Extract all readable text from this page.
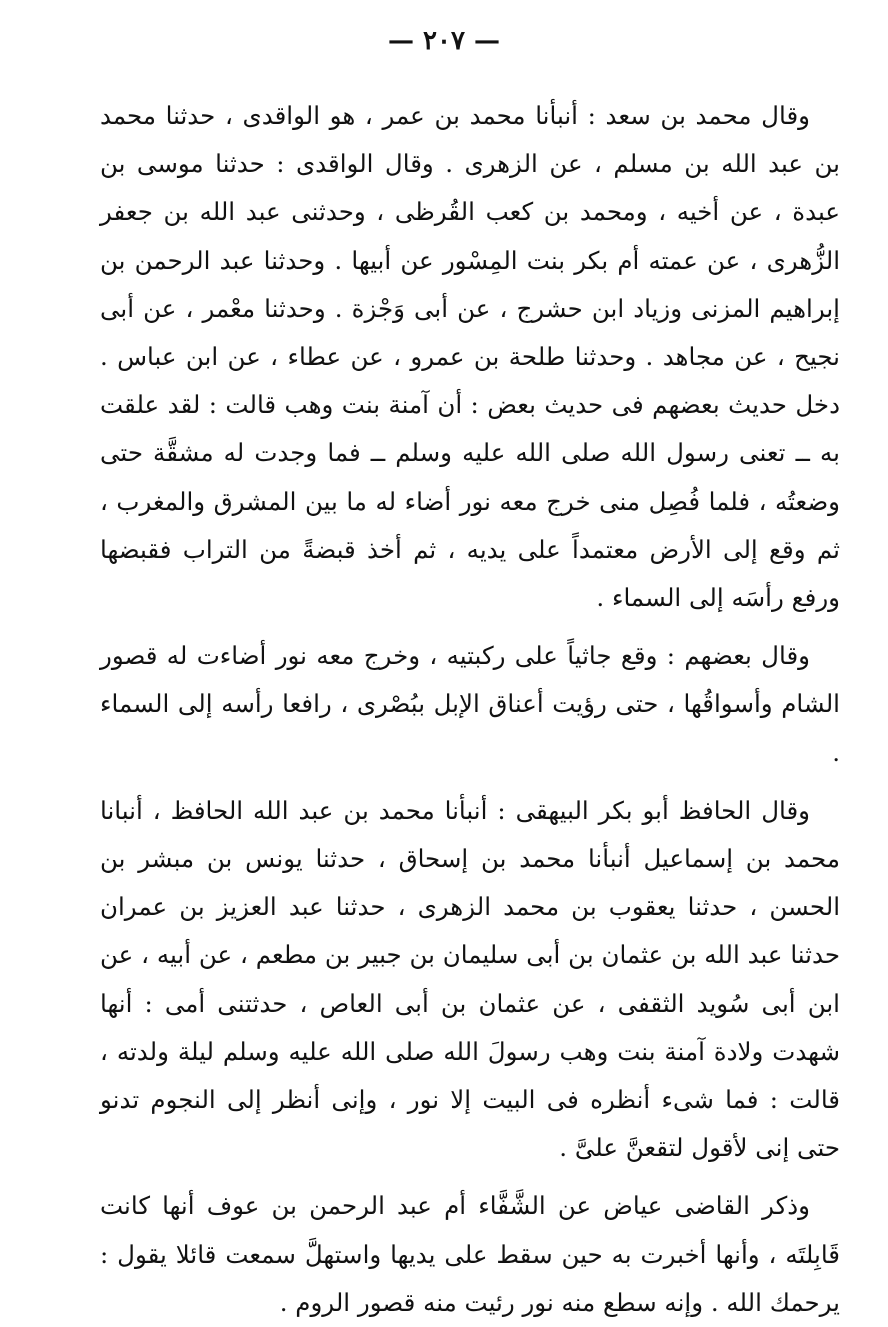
— ٢٠٧ —

وقال محمد بن سعد : أنبأنا محمد بن عمر ، هو الواقدى ، حدثنا محمد بن عبد الله بن مسلم ، عن الزهرى . وقال الواقدى : حدثنا موسى بن عبدة ، عن أخيه ، ومحمد بن كعب القُرظى ، وحدثنى عبد الله بن جعفر الزُّهرى ، عن عمته أم بكر بنت المِسْور عن أبيها . وحدثنا عبد الرحمن بن إبراهيم المزنى وزياد ابن حشرج ، عن أبى وَجْزة . وحدثنا معْمر ، عن أبى نجيح ، عن مجاهد . وحدثنا طلحة بن عمرو ، عن عطاء ، عن ابن عباس . دخل حديث بعضهم فى حديث بعض : أن آمنة بنت وهب قالت : لقد علقت به ــ تعنى رسول الله صلى الله عليه وسلم ــ فما وجدت له مشقَّة حتى وضعتُه ، فلما فُصِل منى خرج معه نور أضاء له ما بين المشرق والمغرب ، ثم وقع إلى الأرض معتمداً على يديه ، ثم أخذ قبضةً من التراب فقبضها ورفع رأسَه إلى السماء .

وقال بعضهم : وقع جاثياً على ركبتيه ، وخرج معه نور أضاءت له قصور الشام وأسواقُها ، حتى رؤيت أعناق الإبل ببُصْرى ، رافعا رأسه إلى السماء .

وقال الحافظ أبو بكر البيهقى : أنبأنا محمد بن عبد الله الحافظ ، أنبانا محمد بن إسماعيل أنبأنا محمد بن إسحاق ، حدثنا يونس بن مبشر بن الحسن ، حدثنا يعقوب بن محمد الزهرى ، حدثنا عبد العزيز بن عمران حدثنا عبد الله بن عثمان بن أبى سليمان بن جبير بن مطعم ، عن أبيه ، عن ابن أبى سُويد الثقفى ، عن عثمان بن أبى العاص ، حدثتنى أمى : أنها شهدت ولادة آمنة بنت وهب رسولَ الله صلى الله عليه وسلم ليلة ولدته ، قالت : فما شىء أنظره فى البيت إلا نور ، وإنى أنظر إلى النجوم تدنو حتى إنى لأقول لتقعنَّ علىَّ .

وذكر القاضى عياض عن الشَّفَّاء أم عبد الرحمن بن عوف أنها كانت قَابِلتَه ، وأنها أخبرت به حين سقط على يديها واستهلَّ سمعت قائلا يقول : يرحمك الله . وإنه سطع منه نور رئيت منه قصور الروم .
